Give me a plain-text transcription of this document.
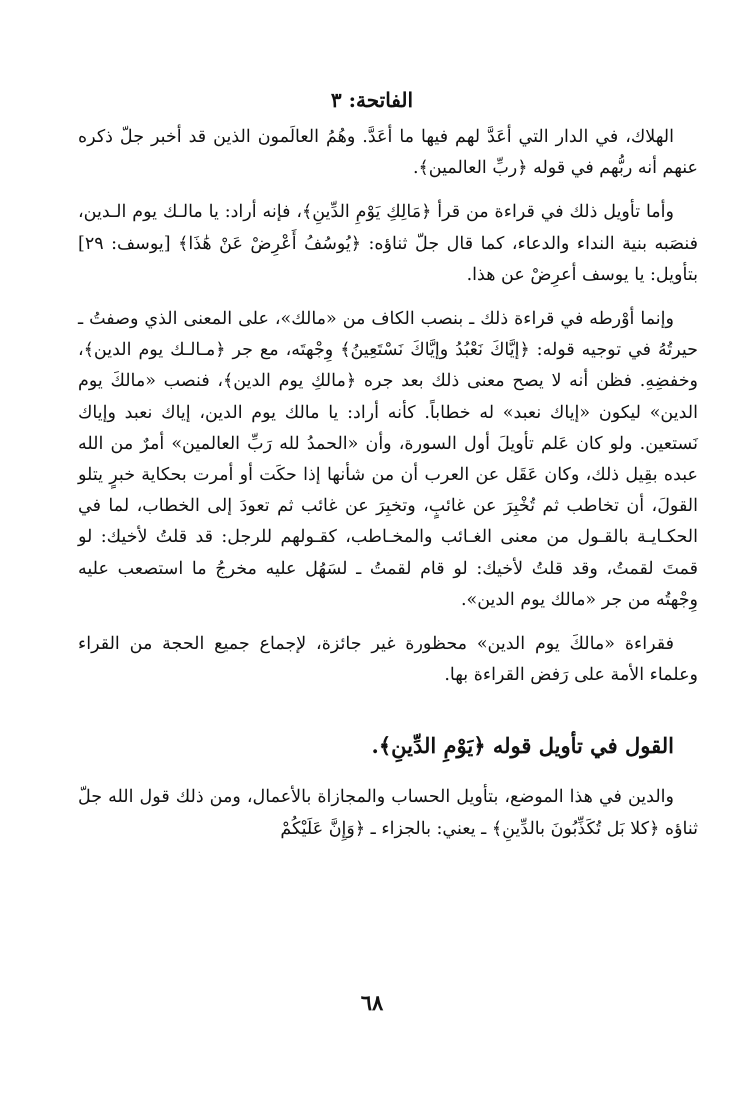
الفاتحة: ٣

الهلاك، في الدار التي أعَدَّ لهم فيها ما أعَدَّ. وهُمُ العالَمون الذين قد أخبر جلّ ذكره عنهم أنه ربُّهم في قوله ﴿ربِّ العالمين﴾.

وأما تأويل ذلك في قراءة من قرأ ﴿مَالِكِ يَوْمِ الدِّينِ﴾، فإنه أراد: يا مالـك يوم الـدين، فنصَبه بنية النداء والدعاء، كما قال جلّ ثناؤه: ﴿يُوسُفُ أَعْرِضْ عَنْ هَٰذَا﴾ [يوسف: ٢٩] بتأويل: يا يوسف أعرِضْ عن هذا.

وإنما أوْرطه في قراءة ذلك ـ بنصب الكاف من «مالك»، على المعنى الذي وصفتُ ـ حيرتُهُ في توجيه قوله: ﴿إيَّاكَ نَعْبُدُ وإيَّاكَ نَسْتَعِينُ﴾ وِجْهتَه، مع جر ﴿مـالـك يوم الدين﴾، وخفضِهِ. فظن أنه لا يصح معنى ذلك بعد جره ﴿مالكِ يوم الدين﴾، فنصب «مالكَ يوم الدين» ليكون «إياك نعبد» له خطاباً. كأنه أراد: يا مالك يوم الدين، إياك نعبد وإياك نَستعين. ولو كان عَلم تأويلَ أول السورة، وأن «الحمدُ لله رَبِّ العالمين» أمرٌ من الله عبده بقِيل ذلك، وكان عَقَل عن العرب أن من شأنها إذا حكَت أو أمرت بحكاية خبرٍ يتلو القولَ، أن تخاطب ثم تُخْبِرَ عن غائبٍ، وتخبِرَ عن غائب ثم تعودَ إلى الخطاب، لما في الحكـايـة بالقـول من معنى الغـائب والمخـاطب، كقـولهم للرجل: قد قلتُ لأخيك: لو قمتَ لقمتُ، وقد قلتُ لأخيك: لو قام لقمتُ ـ لسَهُل عليه مخرجُ ما استصعب عليه وِجْهتُه من جر «مالك يوم الدين».

فقراءة «مالكَ يوم الدين» محظورة غير جائزة، لإجماع جميع الحجة من القراء وعلماء الأمة على رَفض القراءة بها.

القول في تأويل قوله ﴿يَوْمِ الدِّينِ﴾.

والدين في هذا الموضع، بتأويل الحساب والمجازاة بالأعمال، ومن ذلك قول الله جلّ ثناؤه ﴿كلا بَل تُكَذِّبُونَ بالدِّينِ﴾ ـ يعني: بالجزاء ـ ﴿وَإِنَّ عَلَيْكُمْ

٦٨
